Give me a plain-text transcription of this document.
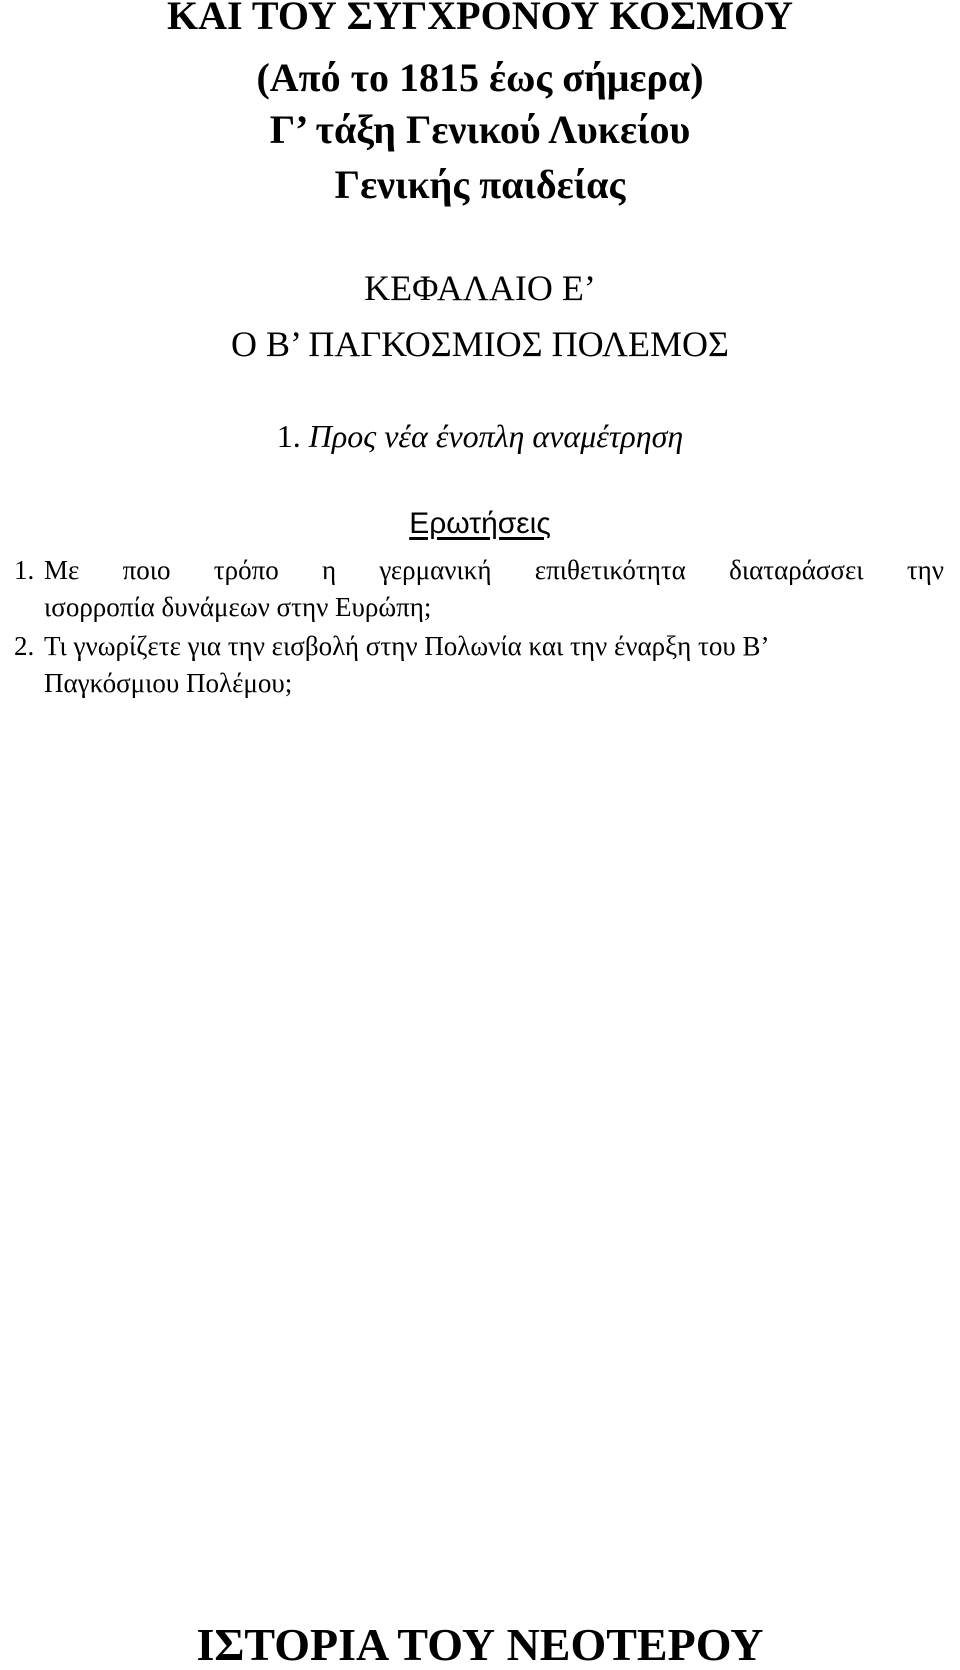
ΚΑΙ ΤΟΥ ΣΥΓΧΡΟΝΟΥ ΚΟΣΜΟΥ
(Από το 1815 έως σήμερα)
Γ’ τάξη Γενικού Λυκείου
Γενικής παιδείας
ΚΕΦΑΛΑΙΟ Ε’
Ο Β’ ΠΑΓΚΟΣΜΙΟΣ ΠΟΛΕΜΟΣ
1. Προς νέα ένοπλη αναμέτρηση
Ερωτήσεις
1. Με ποιο τρόπο η γερμανική επιθετικότητα διαταράσσει την
ισορροπία δυνάμεων στην Ευρώπη;
2. Τι γνωρίζετε για την εισβολή στην Πολωνία και την έναρξη του Β’
Παγκόσμιου Πολέμου;
ΙΣΤΟΡΙΑ ΤΟΥ ΝΕΟΤΕΡΟΥ
